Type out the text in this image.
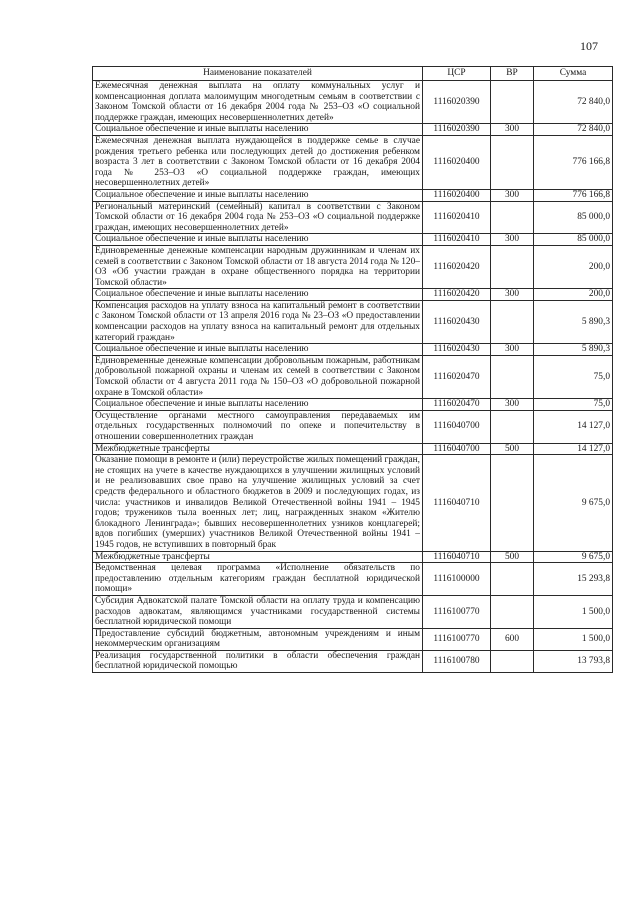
107
Наименование показателей	ЦСР	ВР	Сумма
Ежемесячная денежная выплата на оплату коммунальных услуг и компенсационная доплата малоимущим многодетным семьям в соответствии с Законом Томской области от 16 декабря 2004 года № 253–ОЗ «О социальной поддержке граждан, имеющих несовершеннолетних детей»	1116020390		72 840,0
Социальное обеспечение и иные выплаты населению	1116020390	300	72 840,0
Ежемесячная денежная выплата нуждающейся в поддержке семье в случае рождения третьего ребенка или последующих детей до достижения ребенком возраста 3 лет в соответствии с Законом Томской области от 16 декабря 2004 года № 253–ОЗ «О социальной поддержке граждан, имеющих несовершеннолетних детей»	1116020400		776 166,8
Социальное обеспечение и иные выплаты населению	1116020400	300	776 166,8
Региональный материнский (семейный) капитал в соответствии с Законом Томской области от 16 декабря 2004 года № 253–ОЗ «О социальной поддержке граждан, имеющих несовершеннолетних детей»	1116020410		85 000,0
Социальное обеспечение и иные выплаты населению	1116020410	300	85 000,0
Единовременные денежные компенсации народным дружинникам и членам их семей в соответствии с Законом Томской области от 18 августа 2014 года № 120–ОЗ «Об участии граждан в охране общественного порядка на территории Томской области»	1116020420		200,0
Социальное обеспечение и иные выплаты населению	1116020420	300	200,0
Компенсация расходов на уплату взноса на капитальный ремонт в соответствии с Законом Томской области от 13 апреля 2016 года № 23–ОЗ «О предоставлении компенсации расходов на уплату взноса на капитальный ремонт для отдельных категорий граждан»	1116020430		5 890,3
Социальное обеспечение и иные выплаты населению	1116020430	300	5 890,3
Единовременные денежные компенсации добровольным пожарным, работникам добровольной пожарной охраны и членам их семей в соответствии с Законом Томской области от 4 августа 2011 года № 150–ОЗ «О добровольной пожарной охране в Томской области»	1116020470		75,0
Социальное обеспечение и иные выплаты населению	1116020470	300	75,0
Осуществление органами местного самоуправления передаваемых им отдельных государственных полномочий по опеке и попечительству в отношении совершеннолетних граждан	1116040700		14 127,0
Межбюджетные трансферты	1116040700	500	14 127,0
Оказание помощи в ремонте и (или) переустройстве жилых помещений граждан, не стоящих на учете в качестве нуждающихся в улучшении жилищных условий и не реализовавших свое право на улучшение жилищных условий за счет средств федерального и областного бюджетов в 2009 и последующих годах, из числа: участников и инвалидов Великой Отечественной войны 1941 – 1945 годов; тружеников тыла военных лет; лиц, награжденных знаком «Жителю блокадного Ленинграда»; бывших несовершеннолетних узников концлагерей; вдов погибших (умерших) участников Великой Отечественной войны 1941 – 1945 годов, не вступивших в повторный брак	1116040710		9 675,0
Межбюджетные трансферты	1116040710	500	9 675,0
Ведомственная целевая программа «Исполнение обязательств по предоставлению отдельным категориям граждан бесплатной юридической помощи»	1116100000		15 293,8
Субсидия Адвокатской палате Томской области на оплату труда и компенсацию расходов адвокатам, являющимся участниками государственной системы бесплатной юридической помощи	1116100770		1 500,0
Предоставление субсидий бюджетным, автономным учреждениям и иным некоммерческим организациям	1116100770	600	1 500,0
Реализация государственной политики в области обеспечения граждан бесплатной юридической помощью	1116100780		13 793,8
